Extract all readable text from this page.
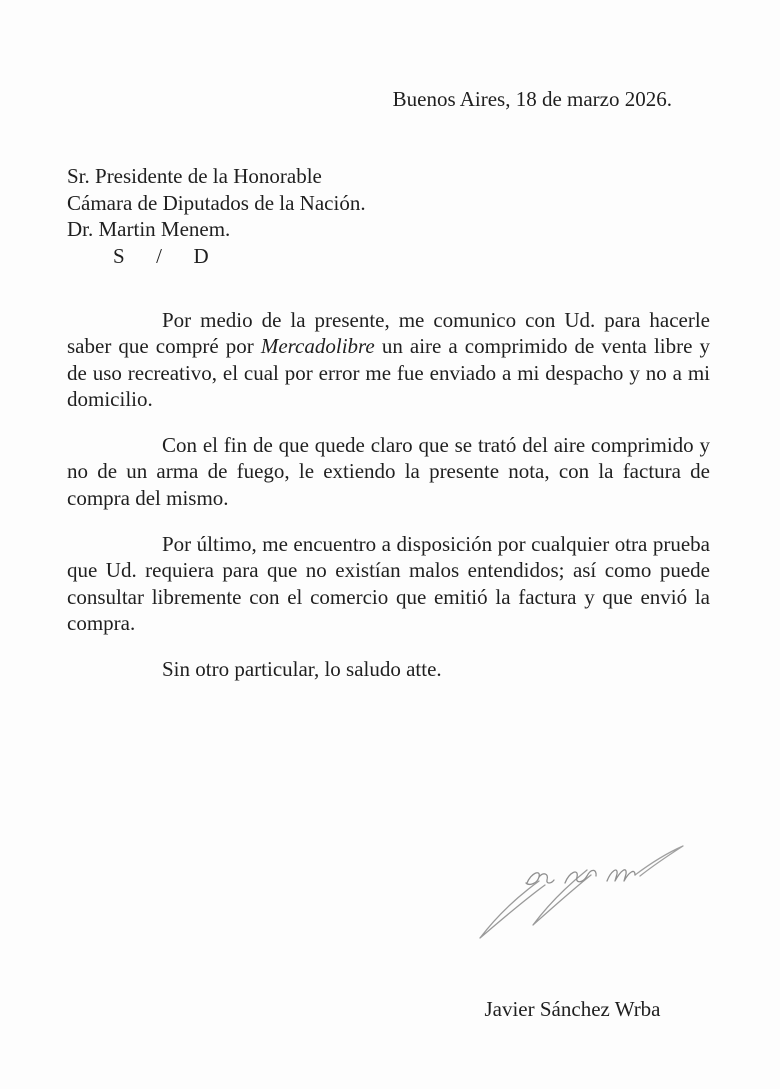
Buenos Aires, 18 de marzo 2026.
Sr. Presidente de la Honorable
Cámara de Diputados de la Nación.
Dr. Martin Menem.
S      /      D

Por medio de la presente, me comunico con Ud. para hacerle saber que compré por Mercadolibre un aire a comprimido de venta libre y de uso recreativo, el cual por error me fue enviado a mi despacho y no a mi domicilio.

Con el fin de que quede claro que se trató del aire comprimido y no de un arma de fuego, le extiendo la presente nota, con la factura de compra del mismo.

Por último, me encuentro a disposición por cualquier otra prueba que Ud. requiera para que no existían malos entendidos; así como puede consultar libremente con el comercio que emitió la factura y que envió la compra.

Sin otro particular, lo saludo atte.
Javier Sánchez Wrba
